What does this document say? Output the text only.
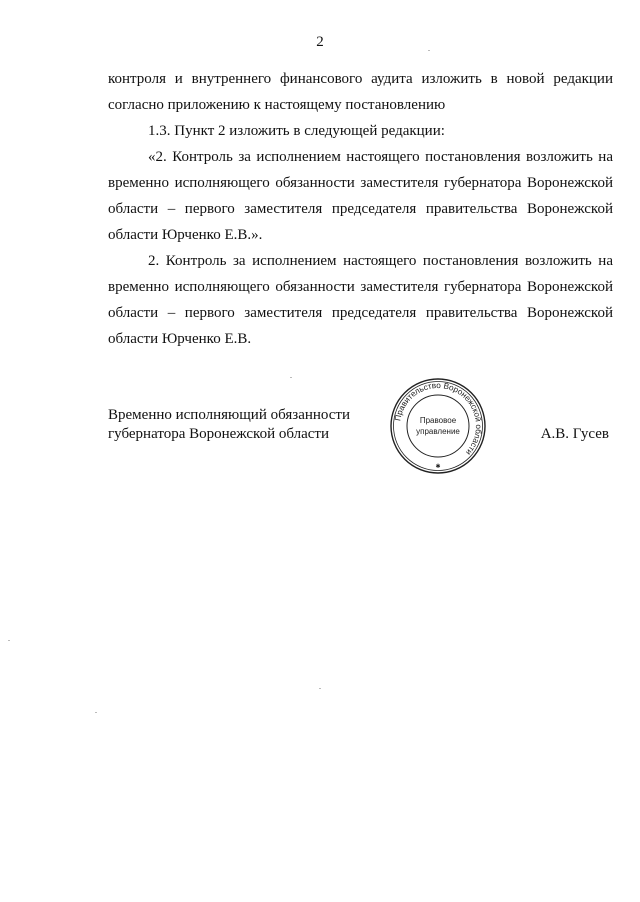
2

контроля и внутреннего финансового аудита изложить в новой редакции согласно приложению к настоящему постановлению

1.3. Пункт 2 изложить в следующей редакции:

«2. Контроль за исполнением настоящего постановления возложить на временно исполняющего обязанности заместителя губернатора Воронежской области – первого заместителя председателя правительства Воронежской области Юрченко Е.В.».

2. Контроль за исполнением настоящего постановления возложить на временно исполняющего обязанности заместителя губернатора Воронежской области – первого заместителя председателя правительства Воронежской области Юрченко Е.В.

Временно исполняющий обязанности
губернатора Воронежской области
Правительство Воронежской области
Правовое
управление
✱
А.В. Гусев
